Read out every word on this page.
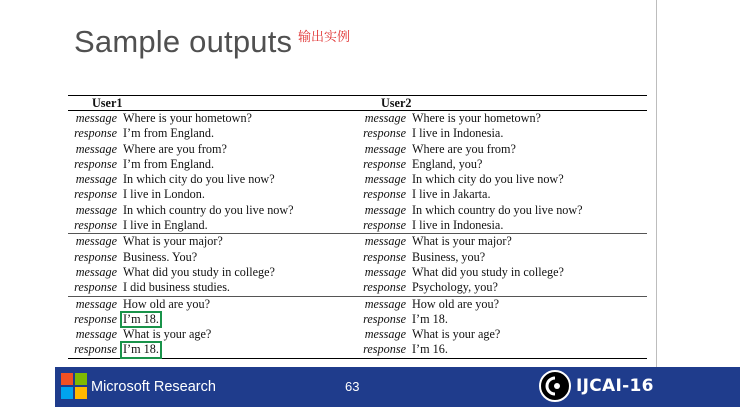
Sample outputs 输出实例
User1
message Where is your hometown?
response I’m from England.
message Where are you from?
response I’m from England.
message In which city do you live now?
response I live in London.
message In which country do you live now?
response I live in England.
message What is your major?
response Business. You?
message What did you study in college?
response I did business studies.
message How old are you?
response I’m 18.
message What is your age?
response I’m 18.
User2
message Where is your hometown?
response I live in Indonesia.
message Where are you from?
response England, you?
message In which city do you live now?
response I live in Jakarta.
message In which country do you live now?
response I live in Indonesia.
message What is your major?
response Business, you?
message What did you study in college?
response Psychology, you?
message How old are you?
response I’m 18.
message What is your age?
response I’m 16.
Microsoft Research	63	IJCAI-16
